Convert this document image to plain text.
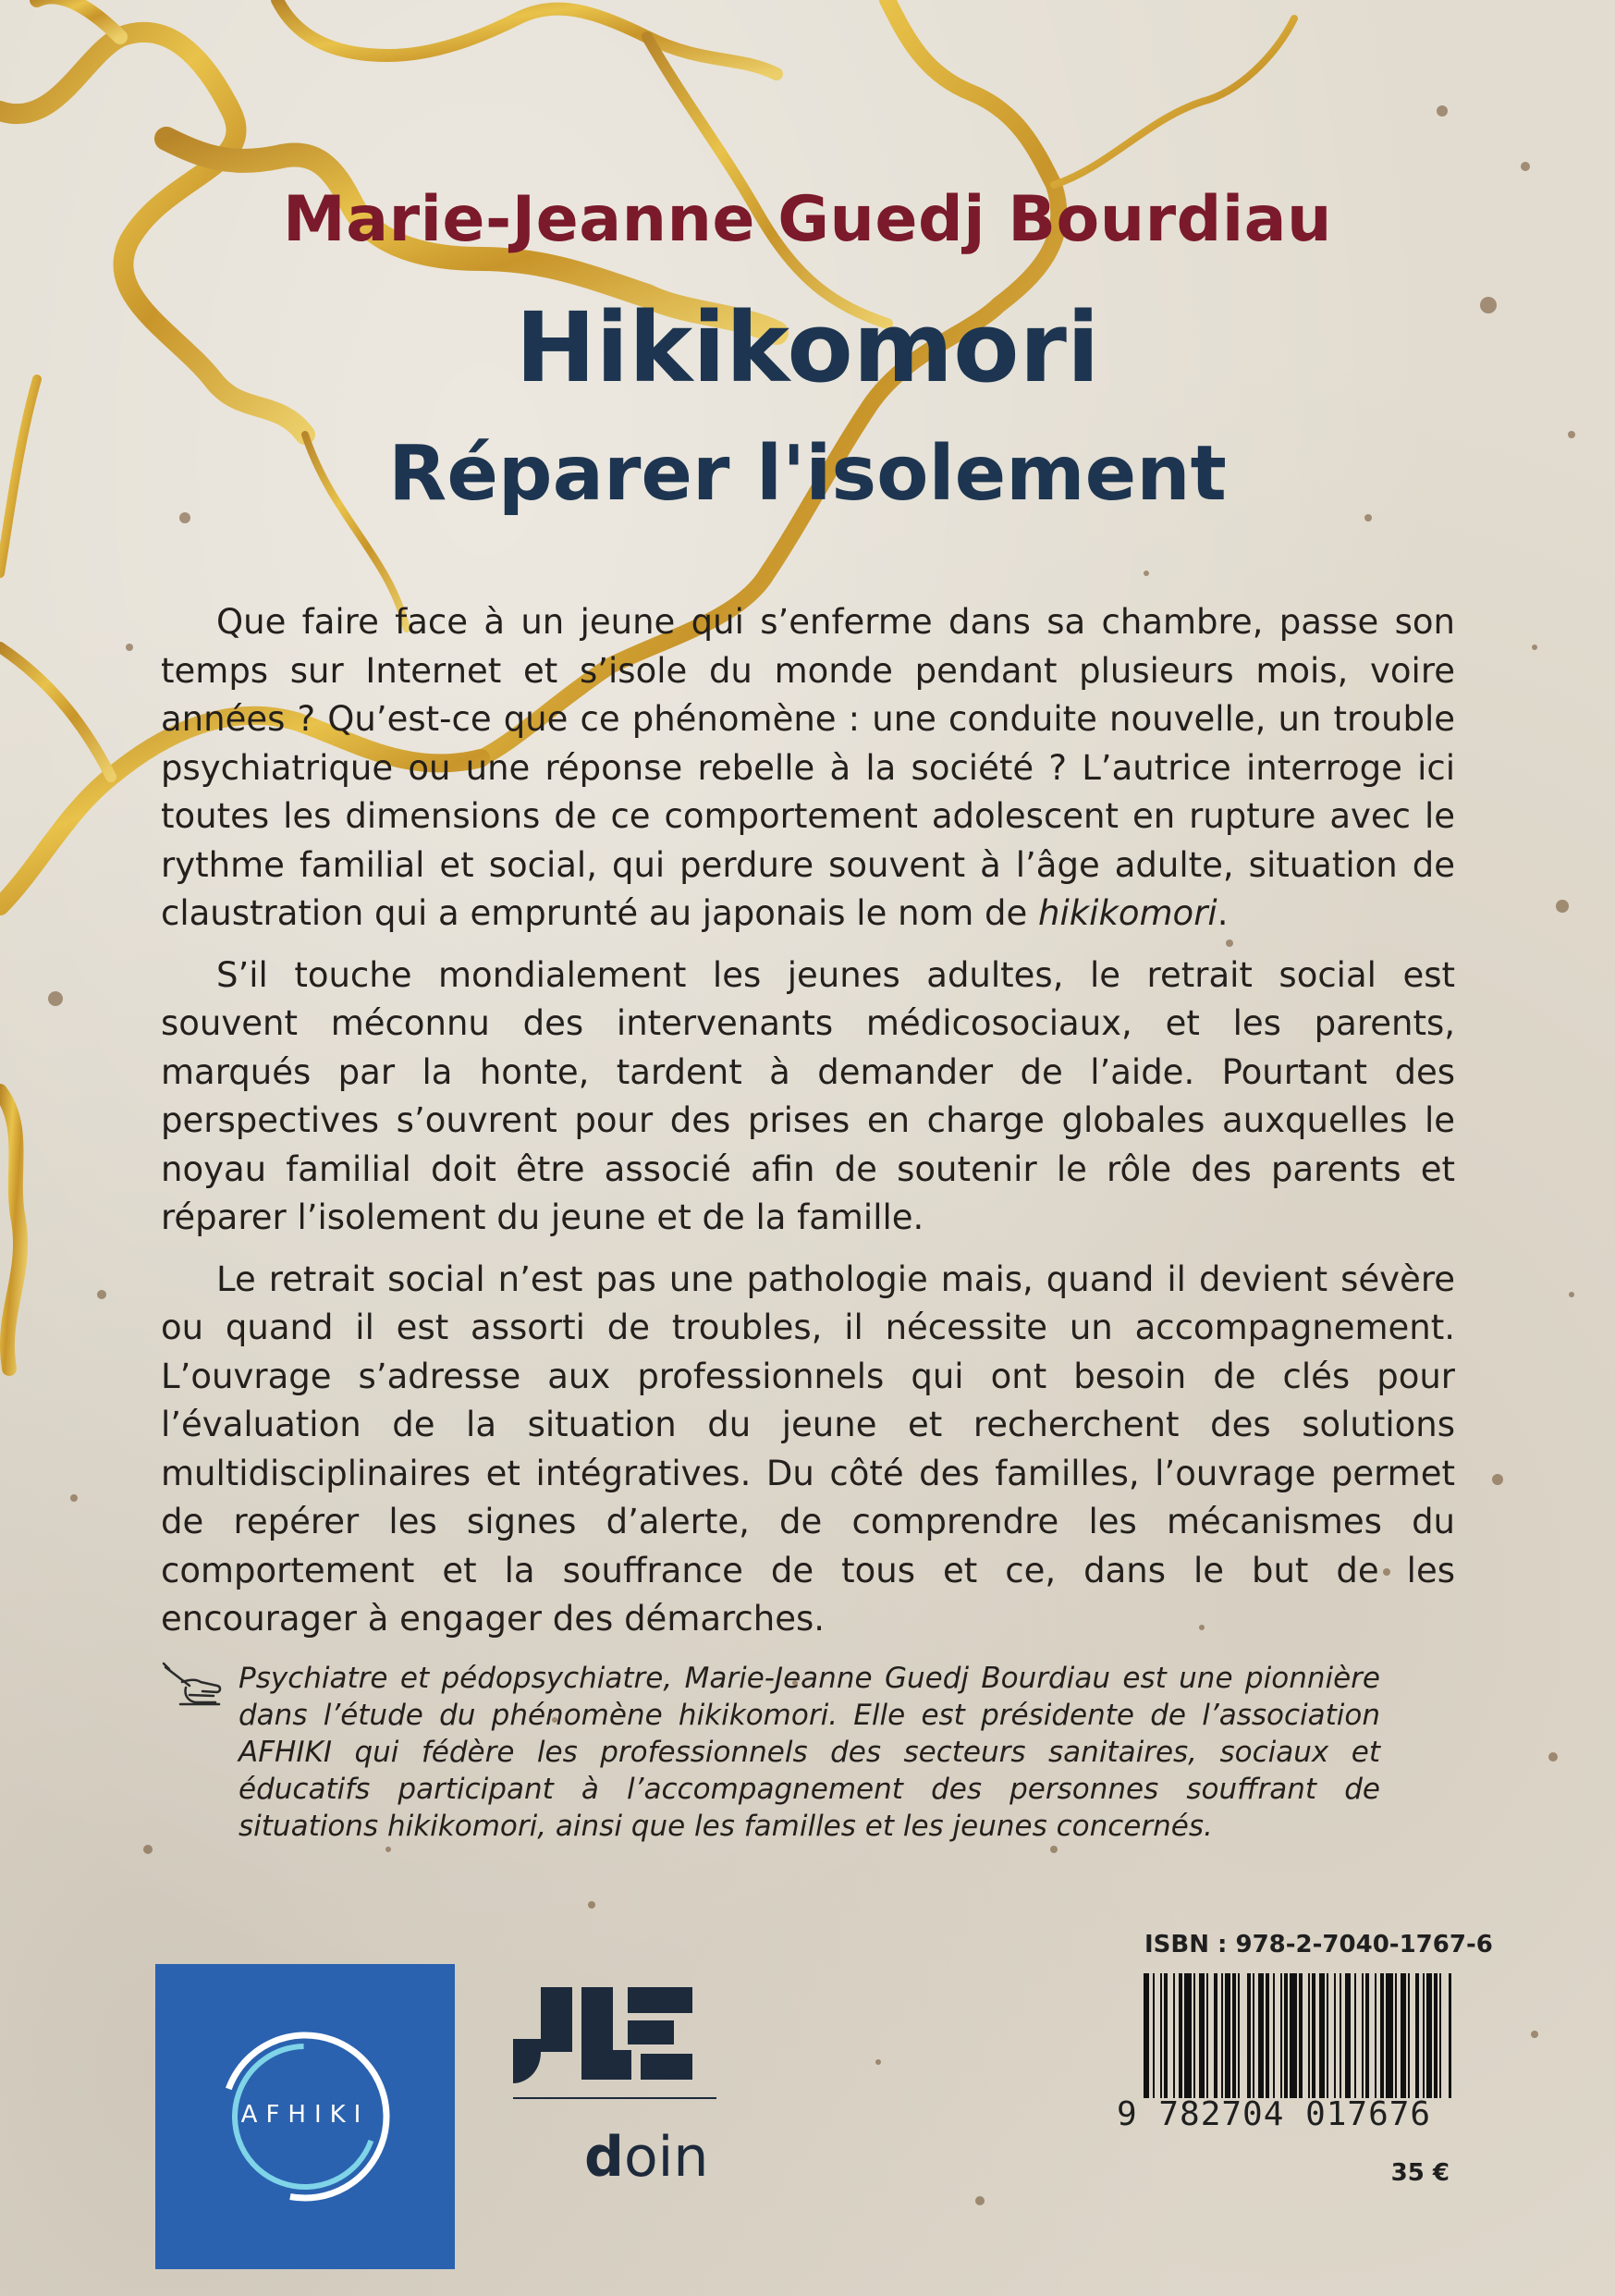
Marie-Jeanne Guedj Bourdiau
Hikikomori
Réparer l'isolement

Que faire face à un jeune qui s’enferme dans sa chambre, passe son temps sur Internet et s’isole du monde pendant plusieurs mois, voire années ? Qu’est-ce que ce phénomène : une conduite nouvelle, un trouble psychiatrique ou une réponse rebelle à la société ? L’autrice interroge ici toutes les dimensions de ce comportement adolescent en rupture avec le rythme familial et social, qui perdure souvent à l’âge adulte, situation de claustration qui a emprunté au japonais le nom de hikikomori.

S’il touche mondialement les jeunes adultes, le retrait social est souvent méconnu des intervenants médicosociaux, et les parents, marqués par la honte, tardent à demander de l’aide. Pourtant des perspectives s’ouvrent pour des prises en charge globales auxquelles le noyau familial doit être associé afin de soutenir le rôle des parents et réparer l’isolement du jeune et de la famille.

Le retrait social n’est pas une pathologie mais, quand il devient sévère ou quand il est assorti de troubles, il nécessite un accompagnement. L’ouvrage s’adresse aux professionnels qui ont besoin de clés pour l’évaluation de la situation du jeune et recherchent des solutions multidisciplinaires et intégratives. Du côté des familles, l’ouvrage permet de repérer les signes d’alerte, de comprendre les mécanismes du comportement et la souffrance de tous et ce, dans le but de les encourager à engager des démarches.

Psychiatre et pédopsychiatre, Marie-Jeanne Guedj Bourdiau est une pionnière dans l’étude du phénomène hikikomori. Elle est présidente de l’association AFHIKI qui fédère les professionnels des secteurs sanitaires, sociaux et éducatifs participant à l’accompagnement des personnes souffrant de situations hikikomori, ainsi que les familles et les jeunes concernés.
AFHIKI
doin
ISBN : 978-2-7040-1767-6
9 782704 017676
35 €
